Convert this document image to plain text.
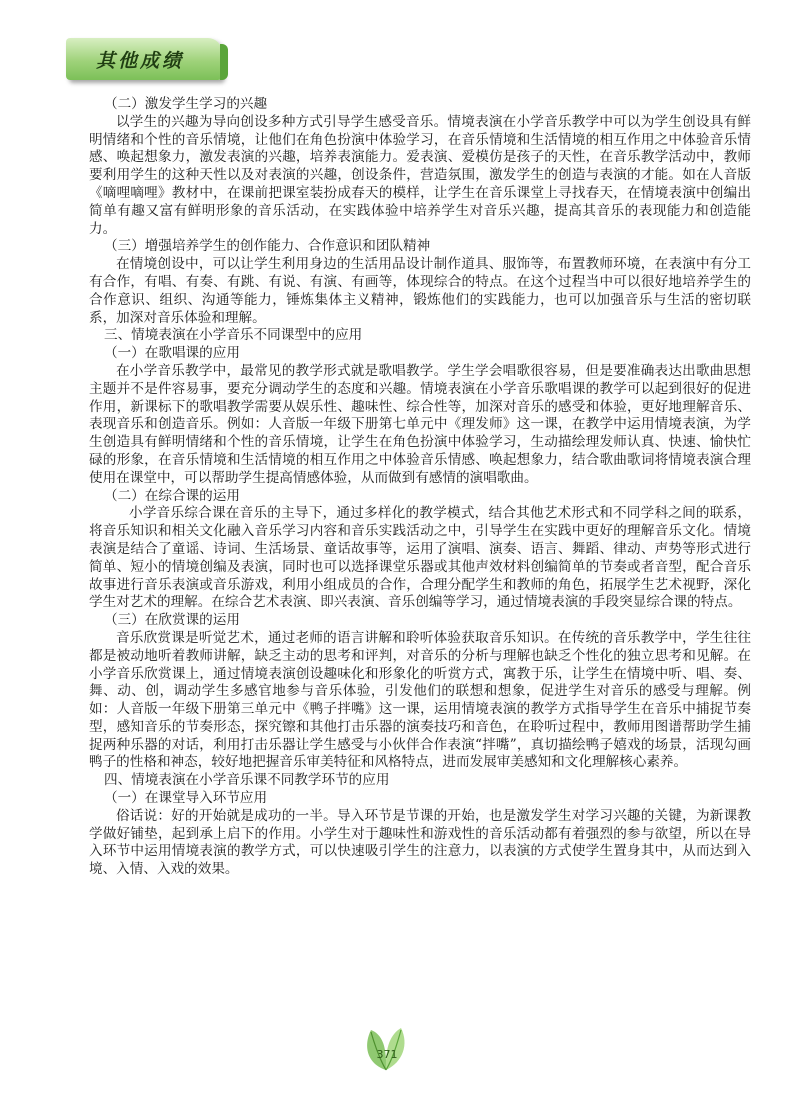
其他成绩

（二）激发学生学习的兴趣

以学生的兴趣为导向创设多种方式引导学生感受音乐。情境表演在小学音乐教学中可以为学生创设具有鲜明情绪和个性的音乐情境，让他们在角色扮演中体验学习，在音乐情境和生活情境的相互作用之中体验音乐情感、唤起想象力，激发表演的兴趣，培养表演能力。爱表演、爱模仿是孩子的天性，在音乐教学活动中，教师要利用学生的这种天性以及对表演的兴趣，创设条件，营造氛围，激发学生的创造与表演的才能。如在人音版《嘀哩嘀哩》教材中，在课前把课室装扮成春天的模样，让学生在音乐课堂上寻找春天，在情境表演中创编出简单有趣又富有鲜明形象的音乐活动，在实践体验中培养学生对音乐兴趣，提高其音乐的表现能力和创造能力。

（三）增强培养学生的创作能力、合作意识和团队精神

在情境创设中，可以让学生利用身边的生活用品设计制作道具、服饰等，布置教师环境，在表演中有分工有合作，有唱、有奏、有跳、有说、有演、有画等，体现综合的特点。在这个过程当中可以很好地培养学生的合作意识、组织、沟通等能力，锤炼集体主义精神，锻炼他们的实践能力，也可以加强音乐与生活的密切联系，加深对音乐体验和理解。

三、情境表演在小学音乐不同课型中的应用

（一）在歌唱课的应用

在小学音乐教学中，最常见的教学形式就是歌唱教学。学生学会唱歌很容易，但是要准确表达出歌曲思想主题并不是件容易事，要充分调动学生的态度和兴趣。情境表演在小学音乐歌唱课的教学可以起到很好的促进作用，新课标下的歌唱教学需要从娱乐性、趣味性、综合性等，加深对音乐的感受和体验，更好地理解音乐、表现音乐和创造音乐。例如：人音版一年级下册第七单元中《理发师》这一课，在教学中运用情境表演，为学生创造具有鲜明情绪和个性的音乐情境，让学生在角色扮演中体验学习，生动描绘理发师认真、快速、愉快忙碌的形象，在音乐情境和生活情境的相互作用之中体验音乐情感、唤起想象力，结合歌曲歌词将情境表演合理使用在课堂中，可以帮助学生提高情感体验，从而做到有感情的演唱歌曲。

（二）在综合课的运用

小学音乐综合课在音乐的主导下，通过多样化的教学模式，结合其他艺术形式和不同学科之间的联系，将音乐知识和相关文化融入音乐学习内容和音乐实践活动之中，引导学生在实践中更好的理解音乐文化。情境表演是结合了童谣、诗词、生活场景、童话故事等，运用了演唱、演奏、语言、舞蹈、律动、声势等形式进行简单、短小的情境创编及表演，同时也可以选择课堂乐器或其他声效材料创编简单的节奏或者音型，配合音乐故事进行音乐表演或音乐游戏，利用小组成员的合作，合理分配学生和教师的角色，拓展学生艺术视野，深化学生对艺术的理解。在综合艺术表演、即兴表演、音乐创编等学习，通过情境表演的手段突显综合课的特点。

（三）在欣赏课的运用

音乐欣赏课是听觉艺术，通过老师的语言讲解和聆听体验获取音乐知识。在传统的音乐教学中，学生往往都是被动地听着教师讲解，缺乏主动的思考和评判，对音乐的分析与理解也缺乏个性化的独立思考和见解。在小学音乐欣赏课上，通过情境表演创设趣味化和形象化的听赏方式，寓教于乐，让学生在情境中听、唱、奏、舞、动、创，调动学生多感官地参与音乐体验，引发他们的联想和想象，促进学生对音乐的感受与理解。例如：人音版一年级下册第三单元中《鸭子拌嘴》这一课，运用情境表演的教学方式指导学生在音乐中捕捉节奏型，感知音乐的节奏形态，探究镲和其他打击乐器的演奏技巧和音色，在聆听过程中，教师用图谱帮助学生捕捉两种乐器的对话，利用打击乐器让学生感受与小伙伴合作表演“拌嘴”，真切描绘鸭子嬉戏的场景，活现勾画鸭子的性格和神态，较好地把握音乐审美特征和风格特点，进而发展审美感知和文化理解核心素养。

四、情境表演在小学音乐课不同教学环节的应用

（一）在课堂导入环节应用

俗话说：好的开始就是成功的一半。导入环节是节课的开始，也是激发学生对学习兴趣的关键，为新课教学做好铺垫，起到承上启下的作用。小学生对于趣味性和游戏性的音乐活动都有着强烈的参与欲望，所以在导入环节中运用情境表演的教学方式，可以快速吸引学生的注意力，以表演的方式使学生置身其中，从而达到入境、入情、入戏的效果。

371
